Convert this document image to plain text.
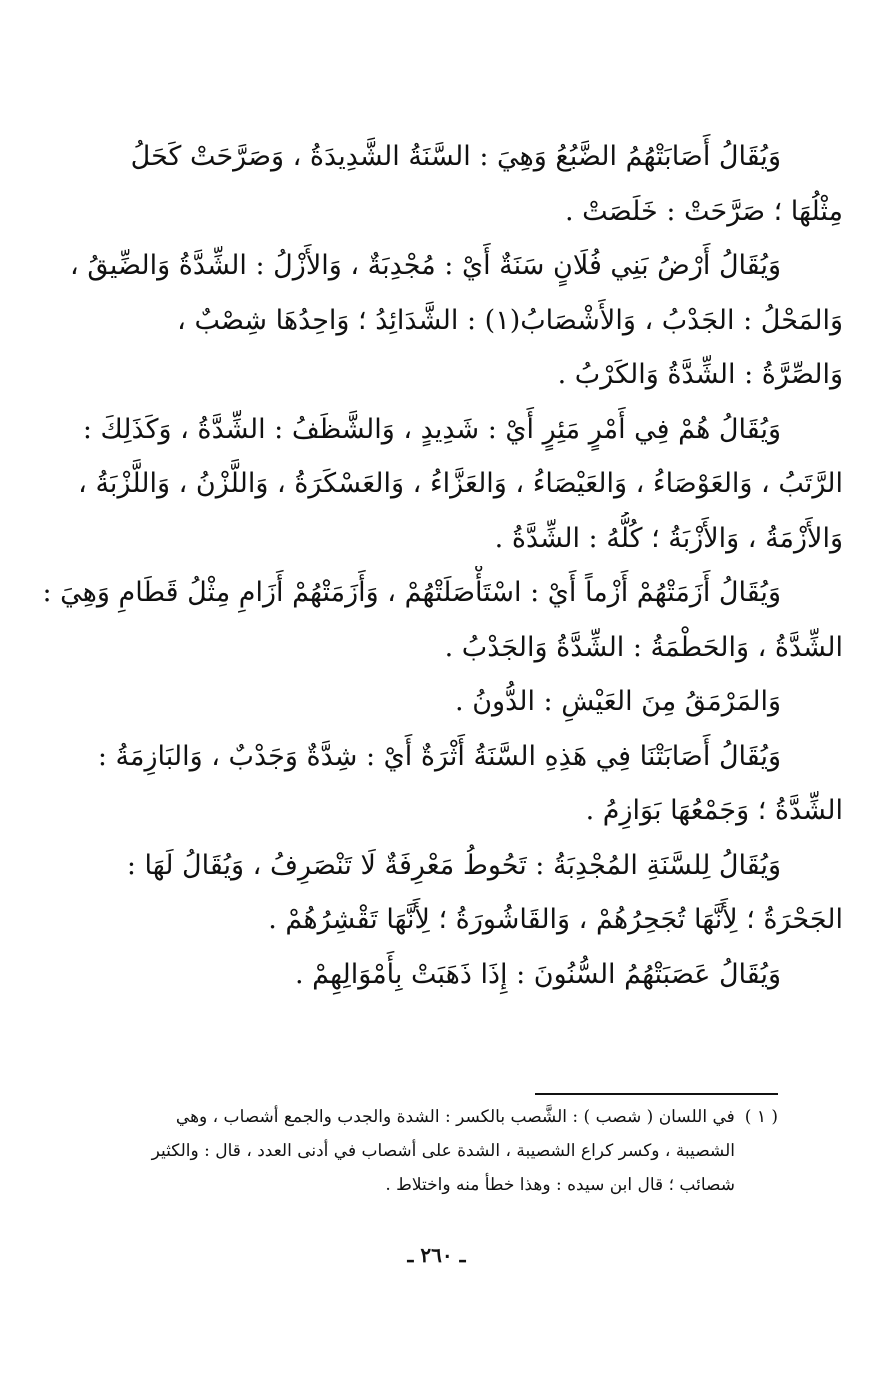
وَيُقَالُ أَصَابَتْهُمُ الضَّبُعُ وَهِيَ : السَّنَةُ الشَّدِيدَةُ ، وَصَرَّحَتْ كَحَلُ
مِثْلُهَا ؛ صَرَّحَتْ : خَلَصَتْ .
وَيُقَالُ أَرْضُ بَنِي فُلَانٍ سَنَةٌ أَيْ : مُجْدِبَةٌ ، وَالأَزْلُ : الشِّدَّةُ وَالضِّيقُ ،
وَالمَحْلُ : الجَدْبُ ، وَالأَشْصَابُ(١) : الشَّدَائِدُ ؛ وَاحِدُهَا شِصْبٌ ،
وَالصِّرَّةُ : الشِّدَّةُ وَالكَرْبُ .
وَيُقَالُ هُمْ فِي أَمْرٍ مَئِرٍ أَيْ : شَدِيدٍ ، وَالشَّظَفُ : الشِّدَّةُ ، وَكَذَلِكَ :
الرَّتَبُ ، وَالعَوْصَاءُ ، وَالعَيْصَاءُ ، وَالعَزَّاءُ ، وَالعَسْكَرَةُ ، وَاللَّزْنُ ، وَاللَّزْبَةُ ،
وَالأَزْمَةُ ، وَالأَزْبَةُ ؛ كُلُّهُ : الشِّدَّةُ .
وَيُقَالُ أَزَمَتْهُمْ أَزْماً أَيْ : اسْتَأْصَلَتْهُمْ ، وَأَزَمَتْهُمْ أَزَامِ مِثْلُ قَطَامِ وَهِيَ :
الشِّدَّةُ ، وَالحَطْمَةُ : الشِّدَّةُ وَالجَدْبُ .
وَالمَرْمَقُ مِنَ العَيْشِ : الدُّونُ .
وَيُقَالُ أَصَابَتْنَا فِي هَذِهِ السَّنَةُ أَثْرَةٌ أَيْ : شِدَّةٌ وَجَدْبٌ ، وَالبَازِمَةُ :
الشِّدَّةُ ؛ وَجَمْعُهَا بَوَازِمُ .
وَيُقَالُ لِلسَّنَةِ المُجْدِبَةُ : تَحُوطُ مَعْرِفَةٌ لَا تَنْصَرِفُ ، وَيُقَالُ لَهَا :
الجَحْرَةُ ؛ لِأَنَّهَا تُجَحِرُهُمْ ، وَالقَاشُورَةُ ؛ لِأَنَّهَا تَقْشِرُهُمْ .
وَيُقَالُ عَصَبَتْهُمُ السُّنُونَ : إِذَا ذَهَبَتْ بِأَمْوَالِهِمْ .
( ١ )في اللسان ( شصب ) : الشَّصب بالكسر : الشدة والجدب والجمع أشصاب ، وهي
الشصيبة ، وكسر كراع الشصيبة ، الشدة على أشصاب في أدنى العدد ، قال : والكثير
شصائب ؛ قال ابن سيده : وهذا خطأ منه واختلاط .
ـ ٢٦٠ ـ
